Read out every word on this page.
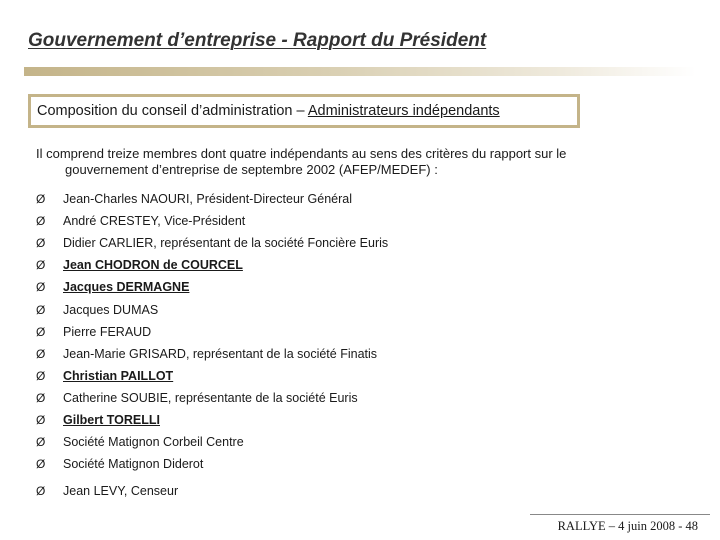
Gouvernement d’entreprise - Rapport du Président
Composition du conseil d’administration – Administrateurs indépendants
Il comprend treize membres dont quatre indépendants au sens des critères du rapport sur le
gouvernement d’entreprise de septembre 2002 (AFEP/MEDEF) :
Ø	Jean-Charles NAOURI, Président-Directeur Général
Ø	André CRESTEY, Vice-Président
Ø	Didier CARLIER, représentant de la société Foncière Euris
Ø	Jean CHODRON de COURCEL
Ø	Jacques DERMAGNE
Ø	Jacques DUMAS
Ø	Pierre FERAUD
Ø	Jean-Marie GRISARD, représentant de la société Finatis
Ø	Christian PAILLOT
Ø	Catherine SOUBIE, représentante de la société Euris
Ø	Gilbert TORELLI
Ø	Société Matignon Corbeil Centre
Ø	Société Matignon Diderot
Ø	Jean LEVY, Censeur
RALLYE – 4 juin 2008 - 48
